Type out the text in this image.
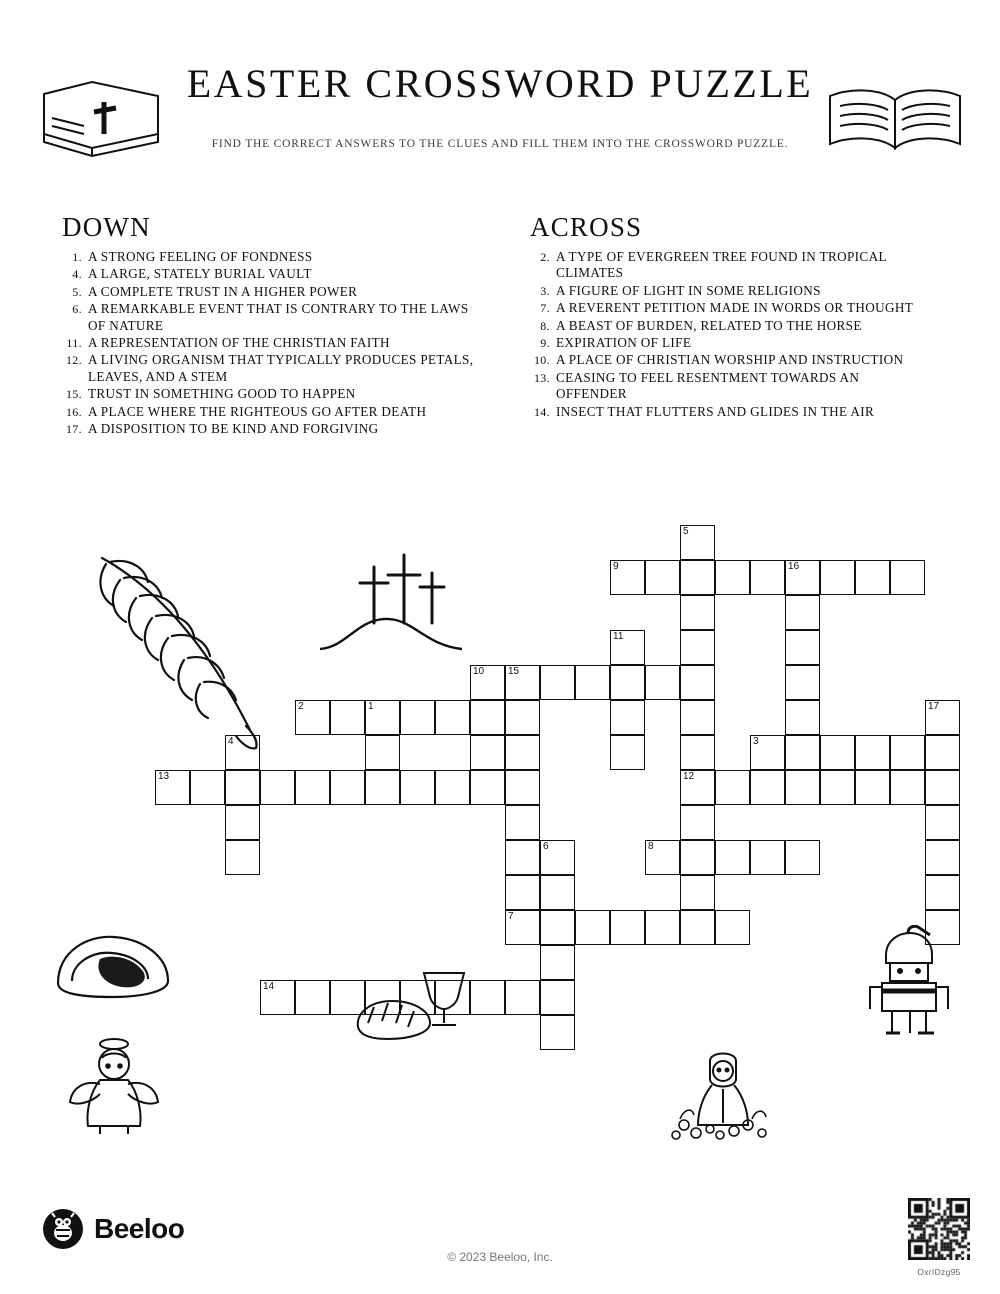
EASTER CROSSWORD PUZZLE
FIND THE CORRECT ANSWERS TO THE CLUES AND FILL THEM INTO THE CROSSWORD PUZZLE.
DOWN
1. A STRONG FEELING OF FONDNESS
4. A LARGE, STATELY BURIAL VAULT
5. A COMPLETE TRUST IN A HIGHER POWER
6. A REMARKABLE EVENT THAT IS CONTRARY TO THE LAWS OF NATURE
11. A REPRESENTATION OF THE CHRISTIAN FAITH
12. A LIVING ORGANISM THAT TYPICALLY PRODUCES PETALS, LEAVES, AND A STEM
15. TRUST IN SOMETHING GOOD TO HAPPEN
16. A PLACE WHERE THE RIGHTEOUS GO AFTER DEATH
17. A DISPOSITION TO BE KIND AND FORGIVING
ACROSS
2. A TYPE OF EVERGREEN TREE FOUND IN TROPICAL CLIMATES
3. A FIGURE OF LIGHT IN SOME RELIGIONS
7. A REVERENT PETITION MADE IN WORDS OR THOUGHT
8. A BEAST OF BURDEN, RELATED TO THE HORSE
9. EXPIRATION OF LIFE
10. A PLACE OF CHRISTIAN WORSHIP AND INSTRUCTION
13. CEASING TO FEEL RESENTMENT TOWARDS AN OFFENDER
14. INSECT THAT FLUTTERS AND GLIDES IN THE AIR
5
9	16
11
10 15
2	1	17
4	3
13	12
6	8
7
14
Beeloo
© 2023 Beeloo, Inc.
OxrIDzg95
